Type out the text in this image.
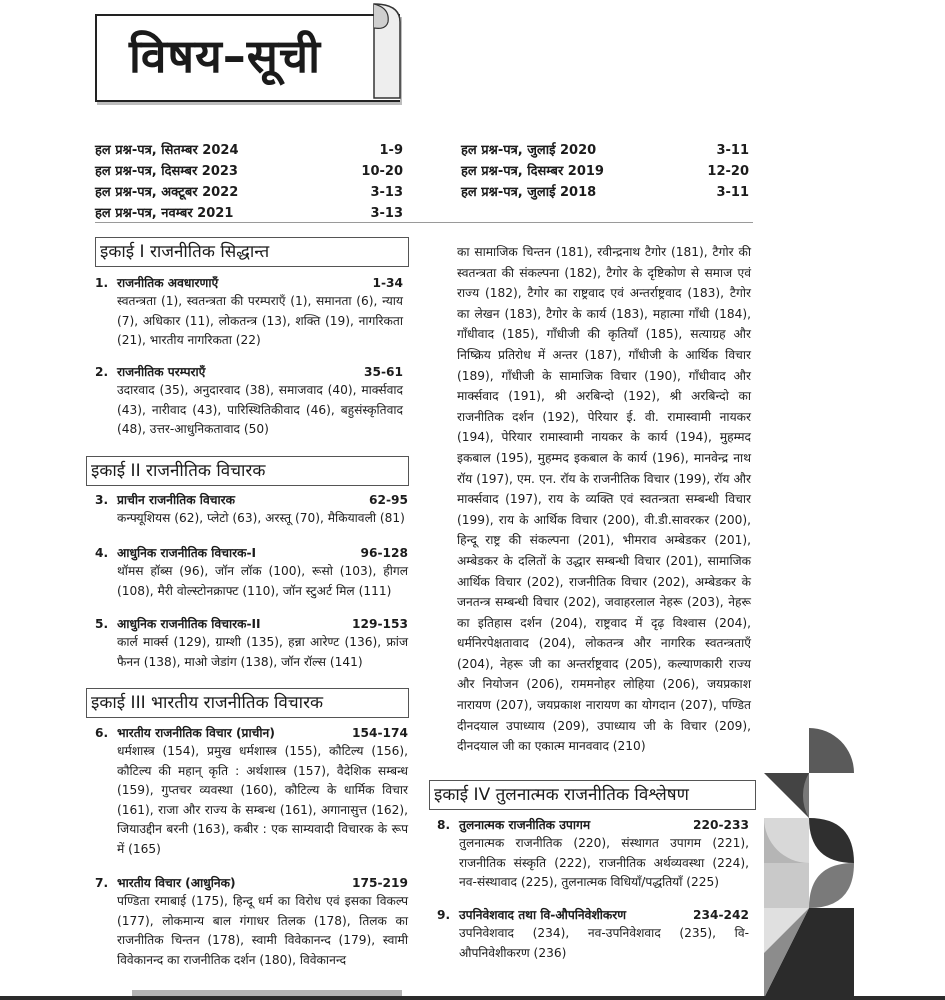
विषय–सूची
हल प्रश्न-पत्र, सितम्बर 2024	1-9
हल प्रश्न-पत्र, दिसम्बर 2023	10-20
हल प्रश्न-पत्र, अक्टूबर 2022	3-13
हल प्रश्न-पत्र, नवम्बर 2021	3-13
हल प्रश्न-पत्र, जुलाई 2020	3-11
हल प्रश्न-पत्र, दिसम्बर 2019	12-20
हल प्रश्न-पत्र, जुलाई 2018	3-11
इकाई I राजनीतिक सिद्धान्त
1. राजनीतिक अवधारणाएँ	1-34
स्वतन्त्रता (1), स्वतन्त्रता की परम्पराएँ (1), समानता (6), न्याय (7), अधिकार (11), लोकतन्त्र (13), शक्ति (19), नागरिकता (21), भारतीय नागरिकता (22)
2. राजनीतिक परम्पराएँ	35-61
उदारवाद (35), अनुदारवाद (38), समाजवाद (40), मार्क्सवाद (43), नारीवाद (43), पारिस्थितिकीवाद (46), बहुसंस्कृतिवाद (48), उत्तर-आधुनिकतावाद (50)
इकाई II राजनीतिक विचारक
3. प्राचीन राजनीतिक विचारक	62-95
कन्फ्यूशियस (62), प्लेटो (63), अरस्तू (70), मैकियावली (81)
4. आधुनिक राजनीतिक विचारक-I	96-128
थॉमस हॉब्स (96), जॉन लॉक (100), रूसो (103), हीगल (108), मैरी वोल्स्टोनक्राफ्ट (110), जॉन स्टुअर्ट मिल (111)
5. आधुनिक राजनीतिक विचारक-II	129-153
कार्ल मार्क्स (129), ग्राम्शी (135), हन्ना आरेण्ट (136), फ्रांज फैनन (138), माओ जेडांग (138), जॉन रॉल्स (141)
इकाई III भारतीय राजनीतिक विचारक
6. भारतीय राजनीतिक विचार (प्राचीन)	154-174
धर्मशास्त्र (154), प्रमुख धर्मशास्त्र (155), कौटिल्य (156), कौटिल्य की महान् कृति : अर्थशास्त्र (157), वैदेशिक सम्बन्ध (159), गुप्तचर व्यवस्था (160), कौटिल्य के धार्मिक विचार (161), राजा और राज्य के सम्बन्ध (161), अगानासुत्त (162), जियाउद्दीन बरनी (163), कबीर : एक साम्यवादी विचारक के रूप में (165)
7. भारतीय विचार (आधुनिक)	175-219
पण्डिता रमाबाई (175), हिन्दू धर्म का विरोध एवं इसका विकल्प (177), लोकमान्य बाल गंगाधर तिलक (178), तिलक का राजनीतिक चिन्तन (178), स्वामी विवेकानन्द (179), स्वामी विवेकानन्द का राजनीतिक दर्शन (180), विवेकानन्द
का सामाजिक चिन्तन (181), रवीन्द्रनाथ टैगोर (181), टैगोर की स्वतन्त्रता की संकल्पना (182), टैगोर के दृष्टिकोण से समाज एवं राज्य (182), टैगोर का राष्ट्रवाद एवं अन्तर्राष्ट्रवाद (183), टैगोर का लेखन (183), टैगोर के कार्य (183), महात्मा गाँधी (184), गाँधीवाद (185), गाँधीजी की कृतियाँ (185), सत्याग्रह और निष्क्रिय प्रतिरोध में अन्तर (187), गाँधीजी के आर्थिक विचार (189), गाँधीजी के सामाजिक विचार (190), गाँधीवाद और मार्क्सवाद (191), श्री अरबिन्दो (192), श्री अरबिन्दो का राजनीतिक दर्शन (192), पेरियार ई. वी. रामास्वामी नायकर (194), पेरियार रामास्वामी नायकर के कार्य (194), मुहम्मद इकबाल (195), मुहम्मद इकबाल के कार्य (196), मानवेन्द्र नाथ रॉय (197), एम. एन. रॉय के राजनीतिक विचार (199), रॉय और मार्क्सवाद (197), राय के व्यक्ति एवं स्वतन्त्रता सम्बन्धी विचार (199), राय के आर्थिक विचार (200), वी.डी.सावरकर (200), हिन्दू राष्ट्र की संकल्पना (201), भीमराव अम्बेडकर (201), अम्बेडकर के दलितों के उद्धार सम्बन्धी विचार (201), सामाजिक आर्थिक विचार (202), राजनीतिक विचार (202), अम्बेडकर के जनतन्त्र सम्बन्धी विचार (202), जवाहरलाल नेहरू (203), नेहरू का इतिहास दर्शन (204), राष्ट्रवाद में दृढ़ विश्वास (204), धर्मनिरपेक्षतावाद (204), लोकतन्त्र और नागरिक स्वतन्त्रताएँ (204), नेहरू जी का अन्तर्राष्ट्रवाद (205), कल्याणकारी राज्य और नियोजन (206), राममनोहर लोहिया (206), जयप्रकाश नारायण (207), जयप्रकाश नारायण का योगदान (207), पण्डित दीनदयाल उपाध्याय (209), उपाध्याय जी के विचार (209), दीनदयाल जी का एकात्म मानववाद (210)
इकाई IV तुलनात्मक राजनीतिक विश्लेषण
8. तुलनात्मक राजनीतिक उपागम	220-233
तुलनात्मक राजनीतिक (220), संस्थागत उपागम (221), राजनीतिक संस्कृति (222), राजनीतिक अर्थव्यवस्था (224), नव-संस्थावाद (225), तुलनात्मक विधियाँ/पद्धतियाँ (225)
9. उपनिवेशवाद तथा वि-औपनिवेशीकरण	234-242
उपनिवेशवाद (234), नव-उपनिवेशवाद (235), वि-औपनिवेशीकरण (236)
